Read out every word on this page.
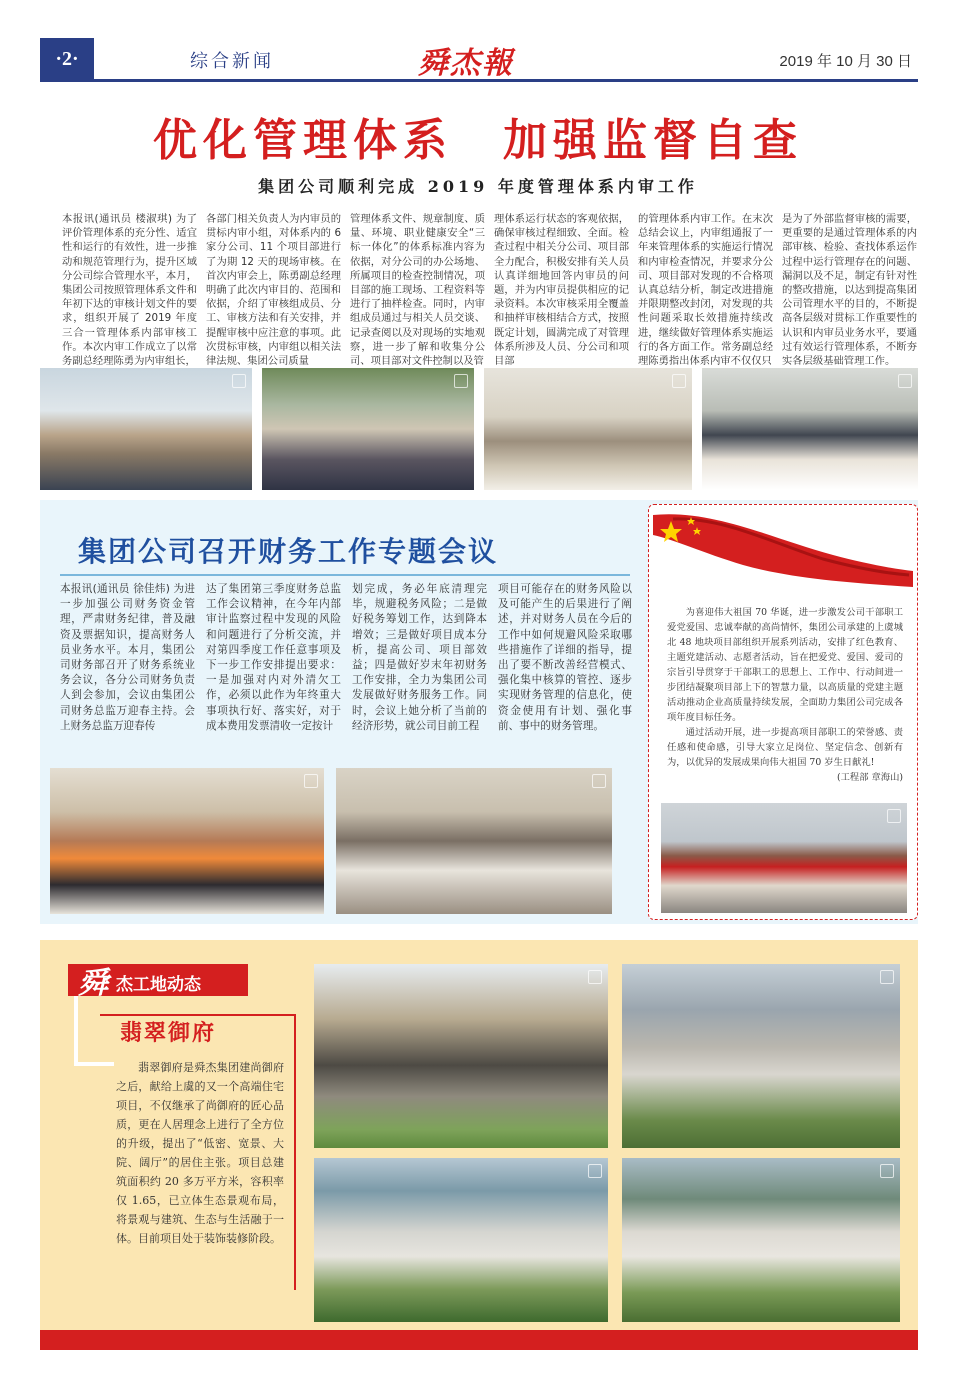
·2·	综合新闻	舜杰報	2019 年 10 月 30 日
优化管理体系 加强监督自查
集团公司顺利完成 2019 年度管理体系内审工作
本报讯(通讯员 楼淑琪) 为了评价管理体系的充分性、适宜性和运行的有效性，进一步推动和规范管理行为，提升区域分公司综合管理水平，本月，集团公司按照管理体系文件和年初下达的审核计划文件的要求，组织开展了 2019 年度三合一管理体系内部审核工作。本次内审工作成立了以常务副总经理陈勇为内审组长，
各部门相关负责人为内审员的贯标内审小组，对体系内的 6 家分公司、11 个项目部进行了为期 12 天的现场审核。在首次内审会上，陈勇副总经理明确了此次内审目的、范围和依据，介绍了审核组成员、分工、审核方法和有关安排，并提醒审核中应注意的事项。此次贯标审核，内审组以相关法律法规、集团公司质量
管理体系文件、规章制度、质量、环境、职业健康安全“三标一体化”的体系标准内容为依据，对分公司的办公场地、所属项目的检查控制情况，项目部的施工现场、工程资料等进行了抽样检查。同时，内审组成员通过与相关人员交谈、记录查阅以及对现场的实地观察，进一步了解和收集分公司、项目部对文件控制以及管
理体系运行状态的客观依据，确保审核过程细致、全面。检查过程中相关分公司、项目部全力配合，积极安排有关人员认真详细地回答内审员的问题，并为内审员提供相应的记录资料。本次审核采用全覆盖和抽样审核相结合方式，按照既定计划，圆满完成了对管理体系所涉及人员、分公司和项目部
的管理体系内审工作。在末次总结会议上，内审组通报了一年来管理体系的实施运行情况和内审检查情况，并要求分公司、项目部对发现的不合格项认真总结分析，制定改进措施并限期整改封闭，对发现的共性问题采取长效措施持续改进，继续做好管理体系实施运行的各方面工作。常务副总经理陈勇指出体系内审不仅仅只
是为了外部监督审核的需要，更重要的是通过管理体系的内部审核、检验、查找体系运作过程中运行管理存在的问题、漏洞以及不足，制定有针对性的整改措施，以达到提高集团公司管理水平的目的，不断提高各层级对贯标工作重要性的认识和内审员业务水平，要通过有效运行管理体系，不断夯实各层级基础管理工作。
集团公司召开财务工作专题会议
本报讯(通讯员 徐佳炜) 为进一步加强公司财务资金管理，严肃财务纪律，普及融资及票据知识，提高财务人员业务水平。本月，集团公司财务部召开了财务系统业务会议，各分公司财务负责人到会参加，会议由集团公司财务总监万迎春主持。会上财务总监万迎春传
达了集团第三季度财务总监工作会议精神，在今年内部审计监察过程中发现的风险和问题进行了分析交流，并对第四季度工作任意事项及下一步工作安排提出要求：一是加强对内对外清欠工作，必须以此作为年终重大事项执行好、落实好，对于成本费用发票清收一定按计
划完成，务必年底清理完毕，规避税务风险；二是做好税务筹划工作，达到降本增效；三是做好项目成本分析，提高公司、项目部效益；四是做好岁末年初财务工作安排，全力为集团公司发展做好财务服务工作。同时，会议上她分析了当前的经济形势，就公司目前工程
项目可能存在的财务风险以及可能产生的后果进行了阐述，并对财务人员在今后的工作中如何规避风险采取哪些措施作了详细的指导，提出了要不断改善经营模式、强化集中核算的管控、逐步实现财务管理的信息化，使资金使用有计划、强化事前、事中的财务管理。

为喜迎伟大祖国 70 华诞，进一步激发公司干部职工爱党爱国、忠诚奉献的高尚情怀，集团公司承建的上虞城北 48 地块项目部组织开展系列活动，安排了红色教育、主题党建活动、志愿者活动，旨在把爱党、爱国、爱司的宗旨引导贯穿于干部职工的思想上、工作中、行动间进一步团结凝聚项目部上下的智慧力量，以高质量的党建主题活动推动企业高质量持续发展，全面助力集团公司完成各项年度目标任务。

通过活动开展，进一步提高项目部职工的荣誉感、责任感和使命感，引导大家立足岗位、坚定信念、创新有为，以优异的发展成果向伟大祖国 70 岁生日献礼!

(工程部 章海山)

舜 杰工地动态
翡翠御府
翡翠御府是舜杰集团建尚御府之后，献给上虞的又一个高端住宅项目，不仅继承了尚御府的匠心品质，更在人居理念上进行了全方位的升级，提出了“低密、宽景、大院、阔厅”的居住主张。项目总建筑面积约 20 多万平方米，容积率仅 1.65，已立体生态景观布局，将景观与建筑、生态与生活融于一体。目前项目处于装饰装修阶段。
